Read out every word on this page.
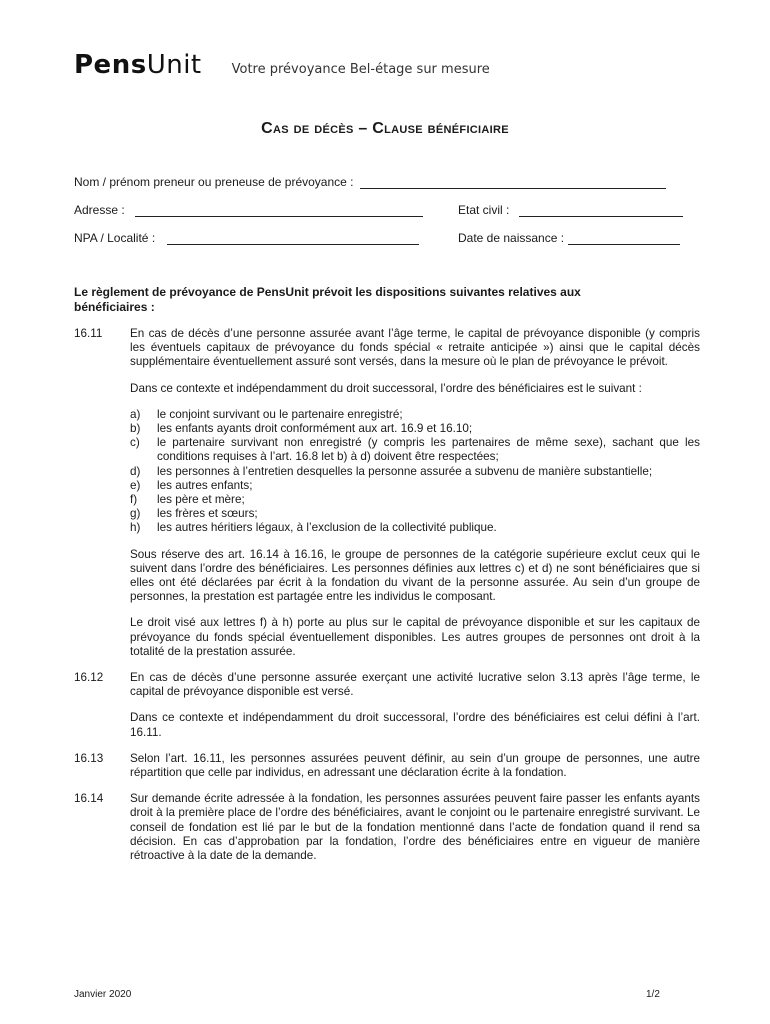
PensUnit Votre prévoyance Bel-étage sur mesure
Cas de décès – Clause bénéficiaire
Nom / prénom preneur ou preneuse de prévoyance :
Adresse :	Etat civil :
NPA / Localité :	Date de naissance :
Le règlement de prévoyance de PensUnit prévoit les dispositions suivantes relatives aux bénéficiaires :
16.11	En cas de décès d’une personne assurée avant l’âge terme, le capital de prévoyance disponible (y compris les éventuels capitaux de prévoyance du fonds spécial « retraite anticipée ») ainsi que le capital décès supplémentaire éventuellement assuré sont versés, dans la mesure où le plan de prévoyance le prévoit.

Dans ce contexte et indépendamment du droit successoral, l’ordre des bénéficiaires est le suivant :

a)	le conjoint survivant ou le partenaire enregistré;
b)	les enfants ayants droit conformément aux art. 16.9 et 16.10;
c)	le partenaire survivant non enregistré (y compris les partenaires de même sexe), sachant que les conditions requises à l’art. 16.8 let b) à d) doivent être respectées;
d)	les personnes à l’entretien desquelles la personne assurée a subvenu de manière substantielle;
e)	les autres enfants;
f)	les père et mère;
g)	les frères et sœurs;
h)	les autres héritiers légaux, à l’exclusion de la collectivité publique.

Sous réserve des art. 16.14 à 16.16, le groupe de personnes de la catégorie supérieure exclut ceux qui le suivent dans l’ordre des bénéficiaires. Les personnes définies aux lettres c) et d) ne sont bénéficiaires que si elles ont été déclarées par écrit à la fondation du vivant de la personne assurée. Au sein d’un groupe de personnes, la prestation est partagée entre les individus le composant.

Le droit visé aux lettres f) à h) porte au plus sur le capital de prévoyance disponible et sur les capitaux de prévoyance du fonds spécial éventuellement disponibles. Les autres groupes de personnes ont droit à la totalité de la prestation assurée.

16.12	En cas de décès d’une personne assurée exerçant une activité lucrative selon 3.13 après l’âge terme, le capital de prévoyance disponible est versé.

Dans ce contexte et indépendamment du droit successoral, l’ordre des bénéficiaires est celui défini à l’art. 16.11.

16.13	Selon l’art. 16.11, les personnes assurées peuvent définir, au sein d’un groupe de personnes, une autre répartition que celle par individus, en adressant une déclaration écrite à la fondation.

16.14	Sur demande écrite adressée à la fondation, les personnes assurées peuvent faire passer les enfants ayants droit à la première place de l’ordre des bénéficiaires, avant le conjoint ou le partenaire enregistré survivant. Le conseil de fondation est lié par le but de la fondation mentionné dans l’acte de fondation quand il rend sa décision. En cas d’approbation par la fondation, l’ordre des bénéficiaires entre en vigueur de manière rétroactive à la date de la demande.

Janvier 2020	1/2
